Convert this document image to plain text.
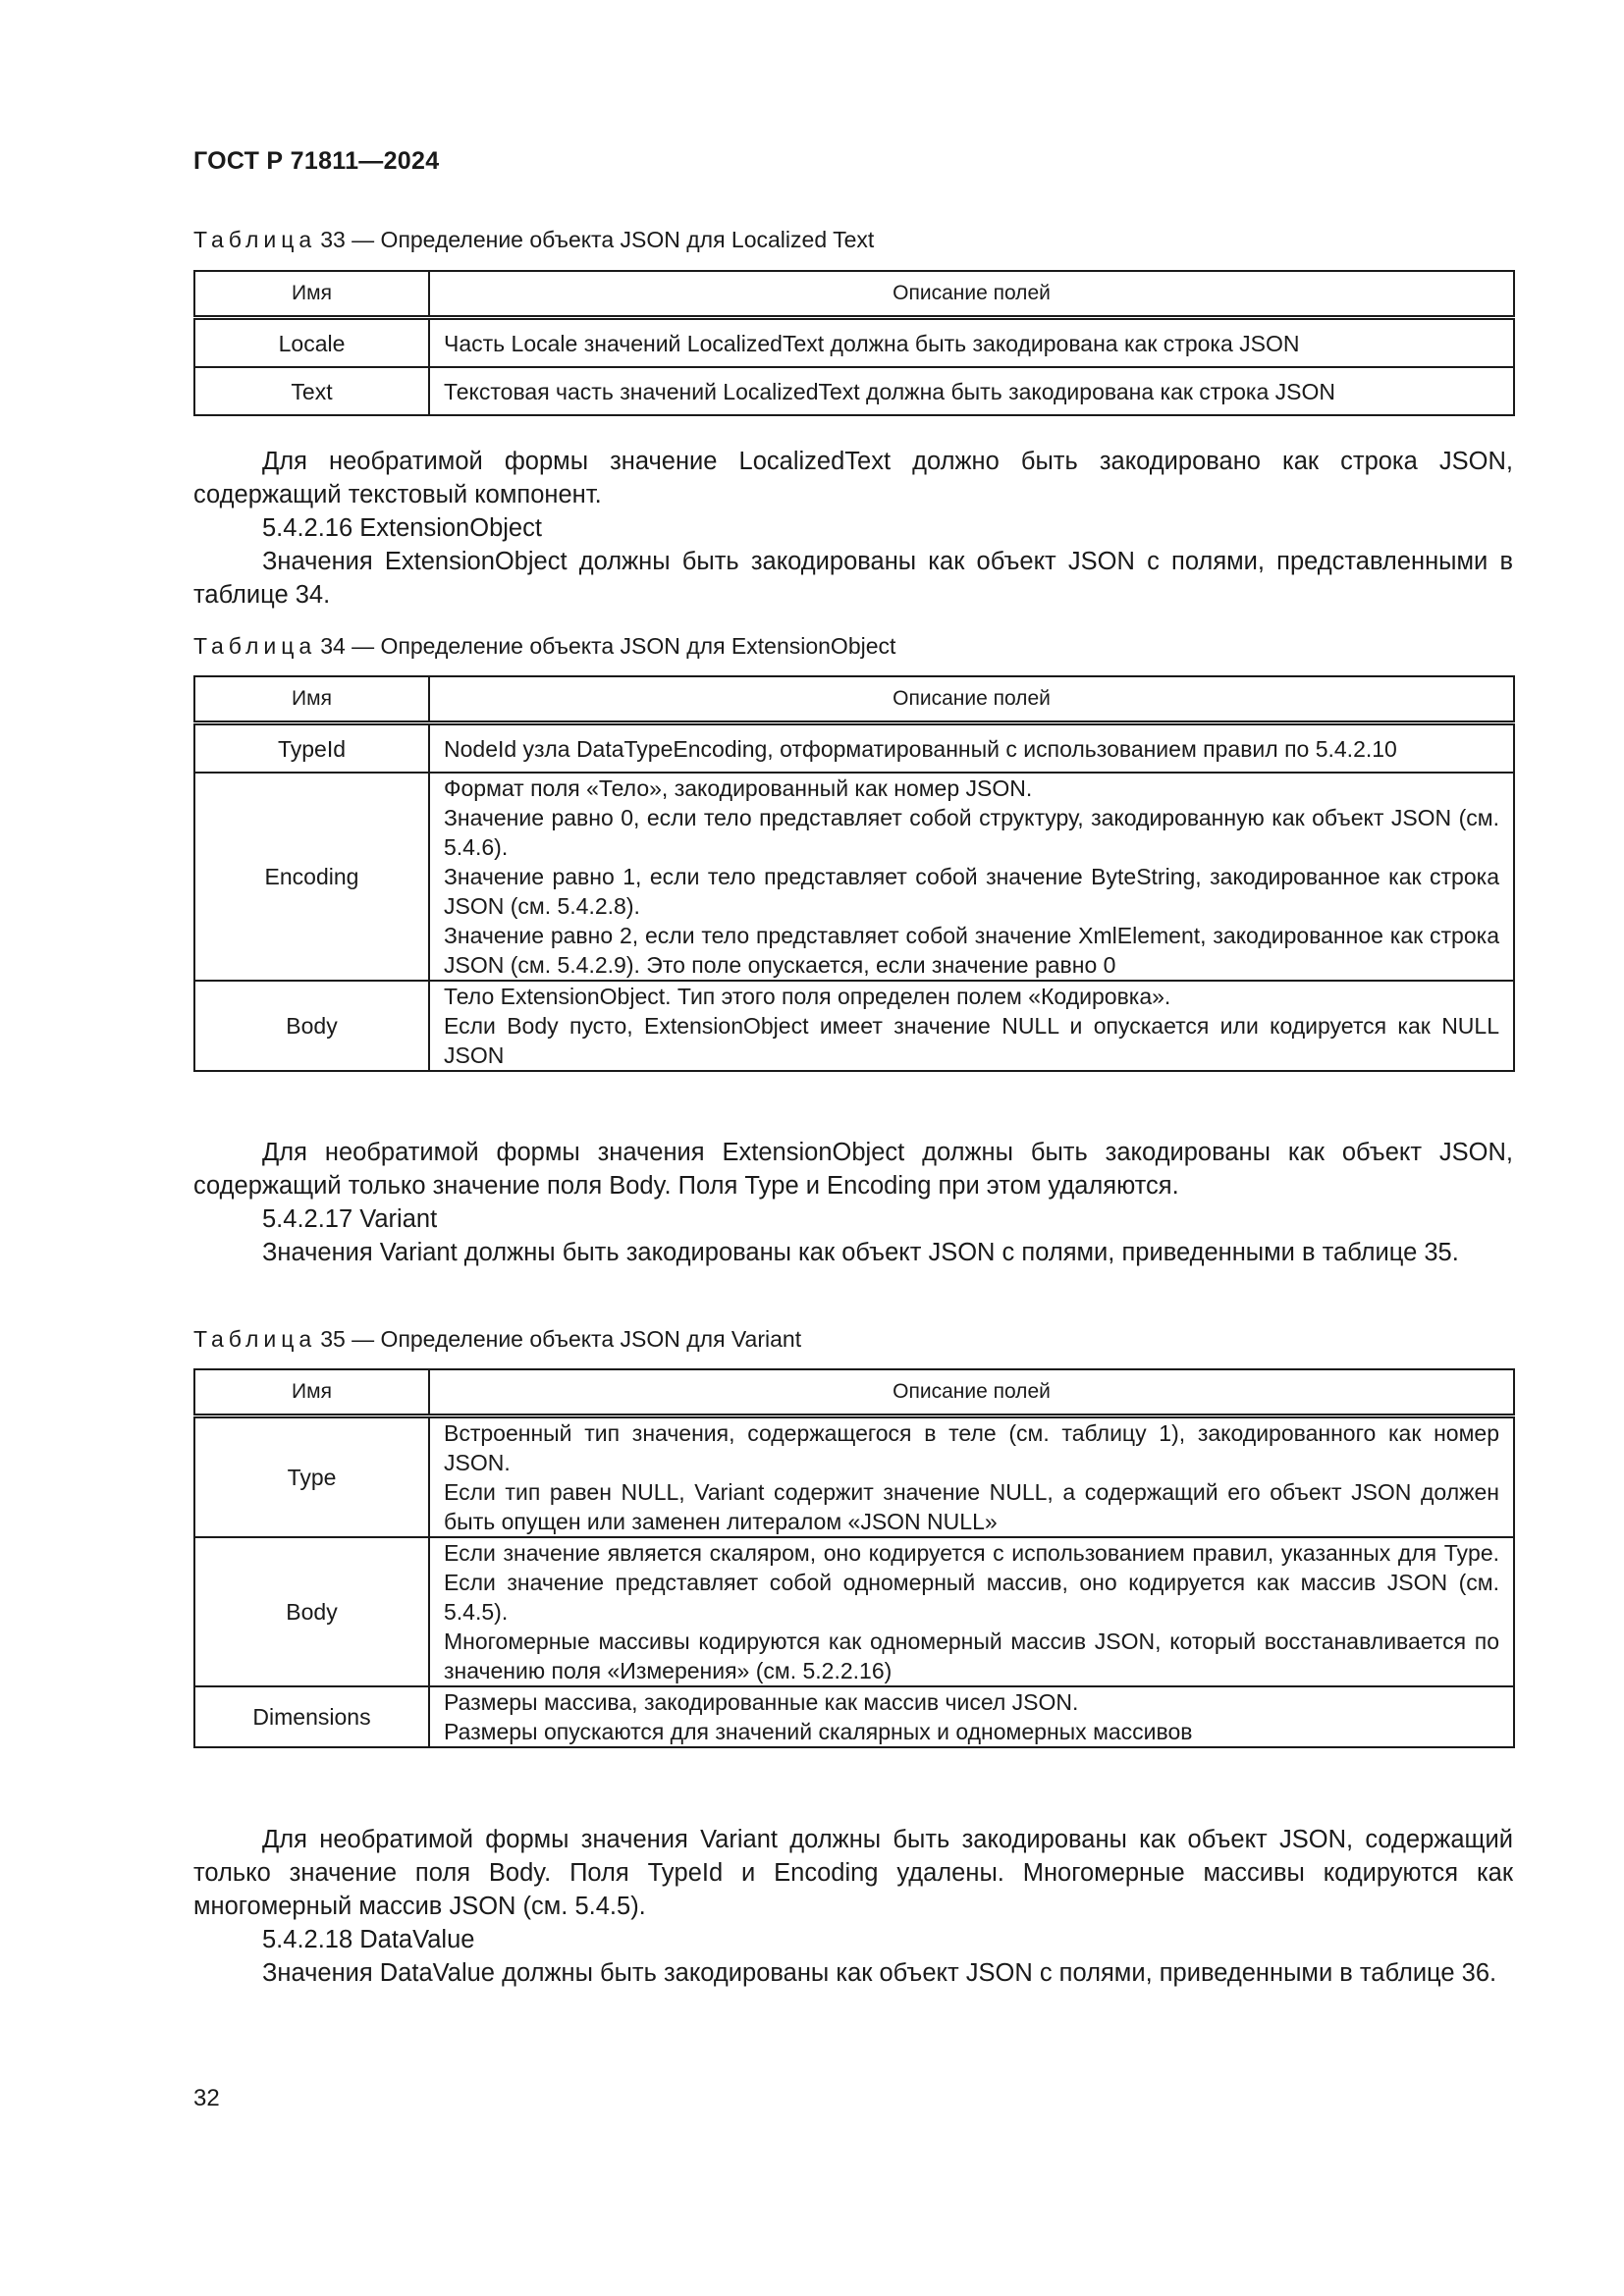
ГОСТ Р 71811—2024
Таблица 33 — Определение объекта JSON для Localized Text
Имя	Описание полей
Locale	Часть Locale значений LocalizedText должна быть закодирована как строка JSON

Text	Текстовая часть значений LocalizedText должна быть закодирована как строка JSON

Для необратимой формы значение LocalizedText должно быть закодировано как строка JSON, содержащий текстовый компонент.

5.4.2.16 ExtensionObject

Значения ExtensionObject должны быть закодированы как объект JSON с полями, представленными в таблице 34.

Таблица 34 — Определение объекта JSON для ExtensionObject
Имя	Описание полей
TypeId	NodeId узла DataTypeEncoding, отформатированный с использованием правил по 5.4.2.10

Encoding	Формат поля «Тело», закодированный как номер JSON.

Значение равно 0, если тело представляет собой структуру, закодированную как объект JSON (см. 5.4.6).

Значение равно 1, если тело представляет собой значение ByteString, закодированное как строка JSON (см. 5.4.2.8).

Значение равно 2, если тело представляет собой значение XmlElement, закодированное как строка JSON (см. 5.4.2.9). Это поле опускается, если значение равно 0

Body	Тело ExtensionObject. Тип этого поля определен полем «Кодировка».

Если Body пусто, ExtensionObject имеет значение NULL и опускается или кодируется как NULL JSON

Для необратимой формы значения ExtensionObject должны быть закодированы как объект JSON, содержащий только значение поля Body. Поля Type и Encoding при этом удаляются.

5.4.2.17 Variant

Значения Variant должны быть закодированы как объект JSON с полями, приведенными в таблице 35.

Таблица 35 — Определение объекта JSON для Variant
Имя	Описание полей
Type	Встроенный тип значения, содержащегося в теле (см. таблицу 1), закодированного как номер JSON.

Если тип равен NULL, Variant содержит значение NULL, а содержащий его объект JSON должен быть опущен или заменен литералом «JSON NULL»

Body	Если значение является скаляром, оно кодируется с использованием правил, указанных для Type. Если значение представляет собой одномерный массив, оно кодируется как массив JSON (см. 5.4.5).

Многомерные массивы кодируются как одномерный массив JSON, который восстанавливается по значению поля «Измерения» (см. 5.2.2.16)

Dimensions	Размеры массива, закодированные как массив чисел JSON.

Размеры опускаются для значений скалярных и одномерных массивов

Для необратимой формы значения Variant должны быть закодированы как объект JSON, содержащий только значение поля Body. Поля TypeId и Encoding удалены. Многомерные массивы кодируются как многомерный массив JSON (см. 5.4.5).

5.4.2.18 DataValue

Значения DataValue должны быть закодированы как объект JSON с полями, приведенными в таблице 36.

32
